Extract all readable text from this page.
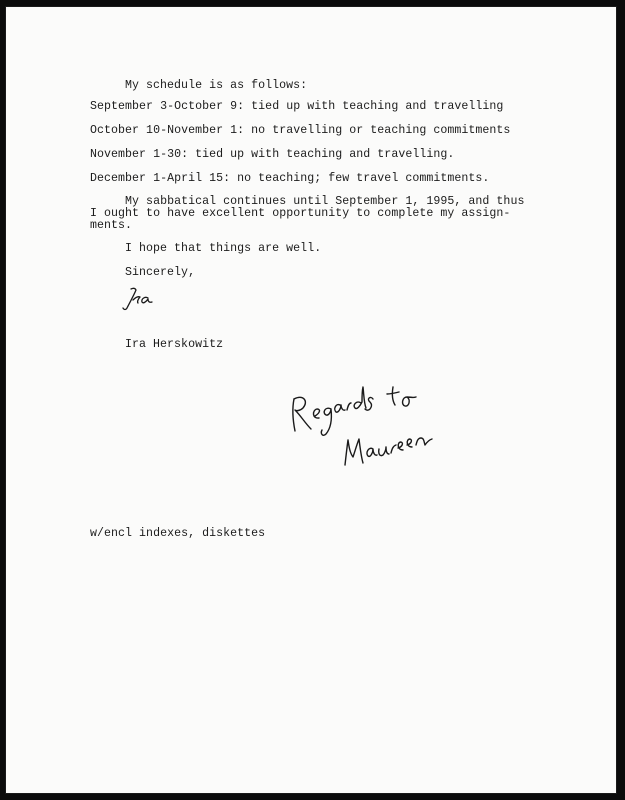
My schedule is as follows:
September 3-October 9: tied up with teaching and travelling
October 10-November 1: no travelling or teaching commitments
November 1-30: tied up with teaching and travelling.
December 1-April 15: no teaching; few travel commitments.
My sabbatical continues until September 1, 1995, and thus
I ought to have excellent opportunity to complete my assign-
ments.
I hope that things are well.
Sincerely,
Ira Herskowitz
w/encl indexes, diskettes
